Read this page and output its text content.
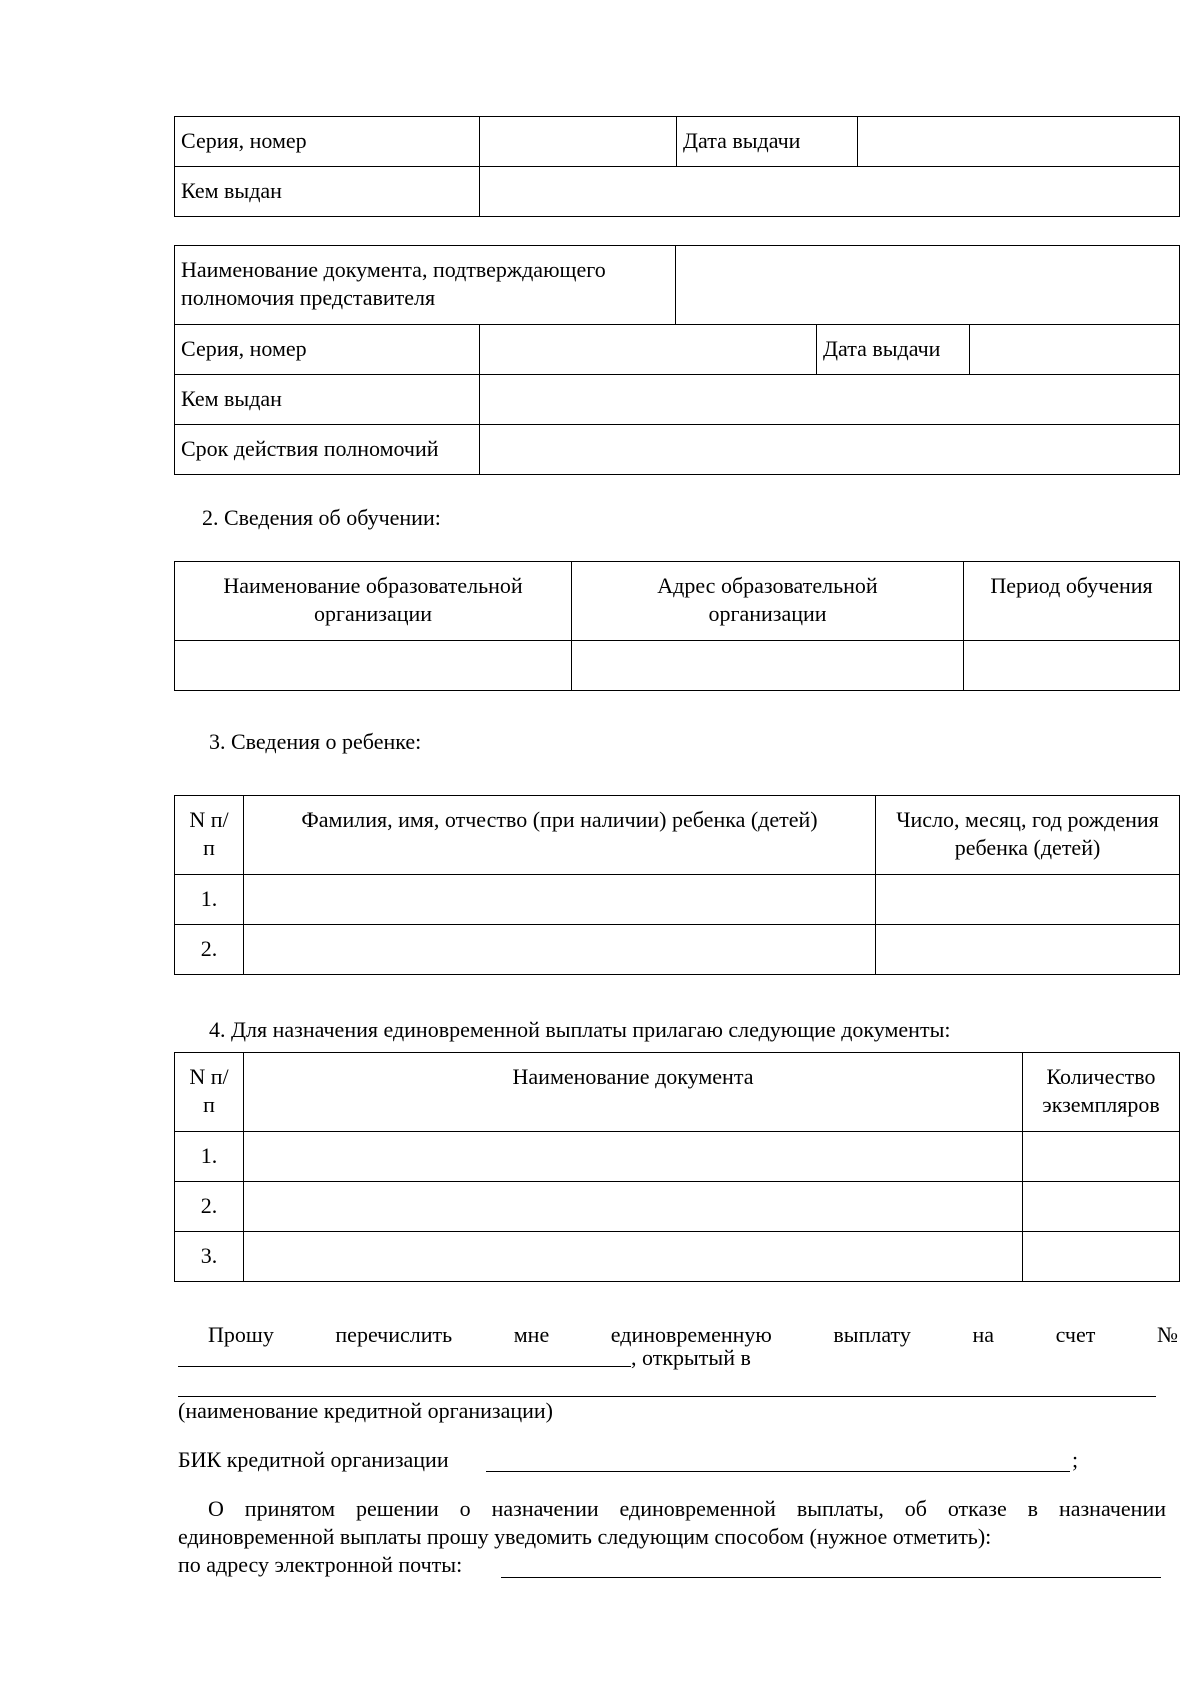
Серия, номер		Дата выдачи	
Кем выдан			
Наименование документа, подтверждающего полномочия представителя				
Серия, номер			Дата выдачи	
Кем выдан				
Срок действия полномочий				
2. Сведения об обучении:
Наименование образовательной организации	Адрес образовательной организации	Период обучения

3. Сведения о ребенке:
N п/п	Фамилия, имя, отчество (при наличии) ребенка (детей)	Число, месяц, год рождения ребенка (детей)
1.		
2.		
4. Для назначения единовременной выплаты прилагаю следующие документы:
N п/п	Наименование документа	Количество экземпляров
1.		
2.		
3.		
Прошу	перечислить	мне	единовременную	выплату	на	счет	№
, открытый в
(наименование кредитной организации)
БИК кредитной организации	;
О принятом решении о назначении единовременной выплаты, об отказе в назначении единовременной выплаты прошу уведомить следующим способом (нужное отметить):
по адресу электронной почты:
